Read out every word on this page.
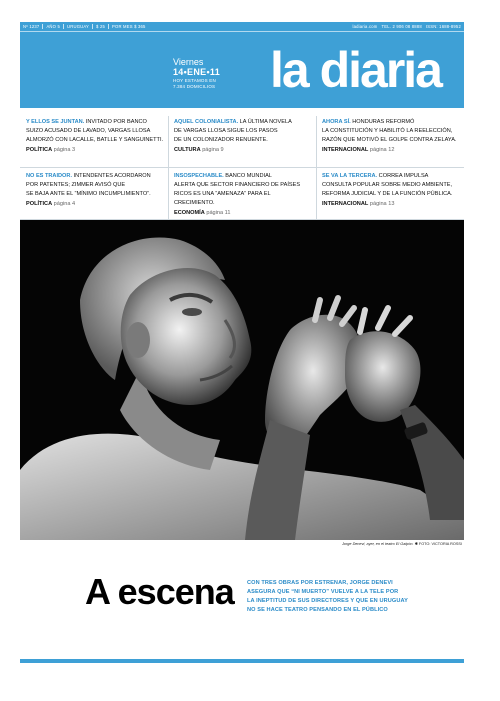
Nº 1237	AÑO 5	URUGUAY	$ 25	POR MES $ 365	ladiaria.com TEL. 2 906 08 8888 ISSN: 1688-8952
Viernes
14•ENE•11
HOY ESTAMOS EN
7.384 DOMICILIOS	la diaria

Y ELLOS SE JUNTAN. INVITADO POR BANCO
SUIZO ACUSADO DE LAVADO, VARGAS LLOSA
ALMORZÓ CON LACALLE, BATLLE Y SANGUINETTI.

POLÍTICA página 3

AQUEL COLONIALISTA. LA ÚLTIMA NOVELA
DE VARGAS LLOSA SIGUE LOS PASOS
DE UN COLONIZADOR RENUENTE.

CULTURA página 9

AHORA SÍ. HONDURAS REFORMÓ
LA CONSTITUCIÓN Y HABILITÓ LA REELECCIÓN,
RAZÓN QUE MOTIVÓ EL GOLPE CONTRA ZELAYA.

INTERNACIONAL página 12

NO ES TRAIDOR. INTENDENTES ACORDARON
POR PATENTES; ZIMMER AVISÓ QUE
SE BAJA ANTE EL “MÍNIMO INCUMPLIMIENTO”.

POLÍTICA página 4

INSOSPECHABLE. BANCO MUNDIAL
ALERTA QUE SECTOR FINANCIERO DE PAÍSES
RICOS ES UNA “AMENAZA” PARA EL CRECIMIENTO.

ECONOMÍA página 11

SE VA LA TERCERA. CORREA IMPULSA
CONSULTA POPULAR SOBRE MEDIO AMBIENTE,
REFORMA JUDICIAL Y DE LA FUNCIÓN PÚBLICA.

INTERNACIONAL página 13
Jorge Denevi, ayer, en el teatro El Galpón. ✱ FOTO: VICTORIA ROSSI
A escena CON TRES OBRAS POR ESTRENAR, JORGE DENEVI
ASEGURA QUE “NI MUERTO” VUELVE A LA TELE POR
LA INEPTITUD DE SUS DIRECTORES Y QUE EN URUGUAY
NO SE HACE TEATRO PENSANDO EN EL PÚBLICO
